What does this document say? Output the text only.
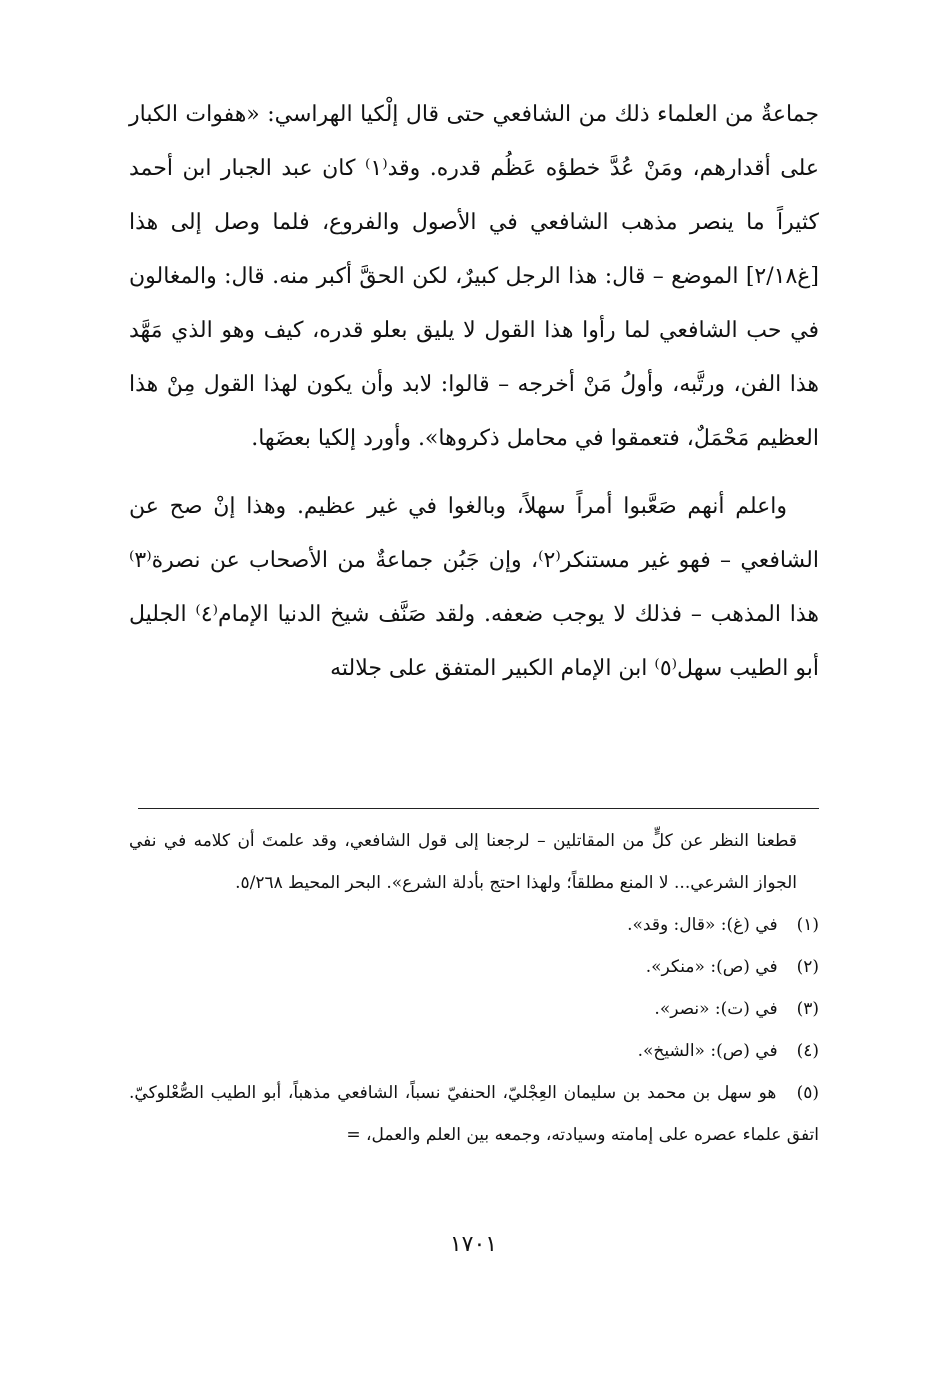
جماعةٌ من العلماء ذلك من الشافعي حتى قال إلْكيا الهراسي: «هفوات الكبار على أقدارهم، ومَنْ عُدَّ خطؤه عَظُم قدره. وقد⁽١⁾ كان عبد الجبار ابن أحمد كثيراً ما ينصر مذهب الشافعي في الأصول والفروع، فلما وصل إلى هذا [غ٢/١٨] الموضع – قال: هذا الرجل كبيرٌ، لكن الحقَّ أكبر منه. قال: والمغالون في حب الشافعي لما رأوا هذا القول لا يليق بعلو قدره، كيف وهو الذي مَهَّد هذا الفن، ورتَّبه، وأولُ مَنْ أخرجه – قالوا: لابد وأن يكون لهذا القول مِنْ هذا العظيم مَحْمَلٌ، فتعمقوا في محامل ذكروها». وأورد إلكيا بعضَها.

واعلم أنهم صَعَّبوا أمراً سهلاً، وبالغوا في غير عظيم. وهذا إنْ صح عن الشافعي – فهو غير مستنكر⁽٢⁾، وإن جَبُن جماعةٌ من الأصحاب عن نصرة⁽٣⁾ هذا المذهب – فذلك لا يوجب ضعفه. ولقد صَنَّف شيخ الدنيا الإمام⁽٤⁾ الجليل أبو الطيب سهل⁽٥⁾ ابن الإمام الكبير المتفق على جلالته

قطعنا النظر عن كلٍّ من المقاتلين – لرجعنا إلى قول الشافعي، وقد علمتَ أن كلامه في نفي الجواز الشرعي... لا المنع مطلقاً؛ ولهذا احتج بأدلة الشرع». البحر المحيط ٥/٢٦٨.

(١) في (غ): «قال: وقد».

(٢) في (ص): «منكر».

(٣) في (ت): «نصر».

(٤) في (ص): «الشيخ».

(٥) هو سهل بن محمد بن سليمان العِجْليّ، الحنفيّ نسباً، الشافعي مذهباً، أبو الطيب الصُّعْلوكيّ. اتفق علماء عصره على إمامته وسيادته، وجمعه بين العلم والعمل، =

١٧٠١
